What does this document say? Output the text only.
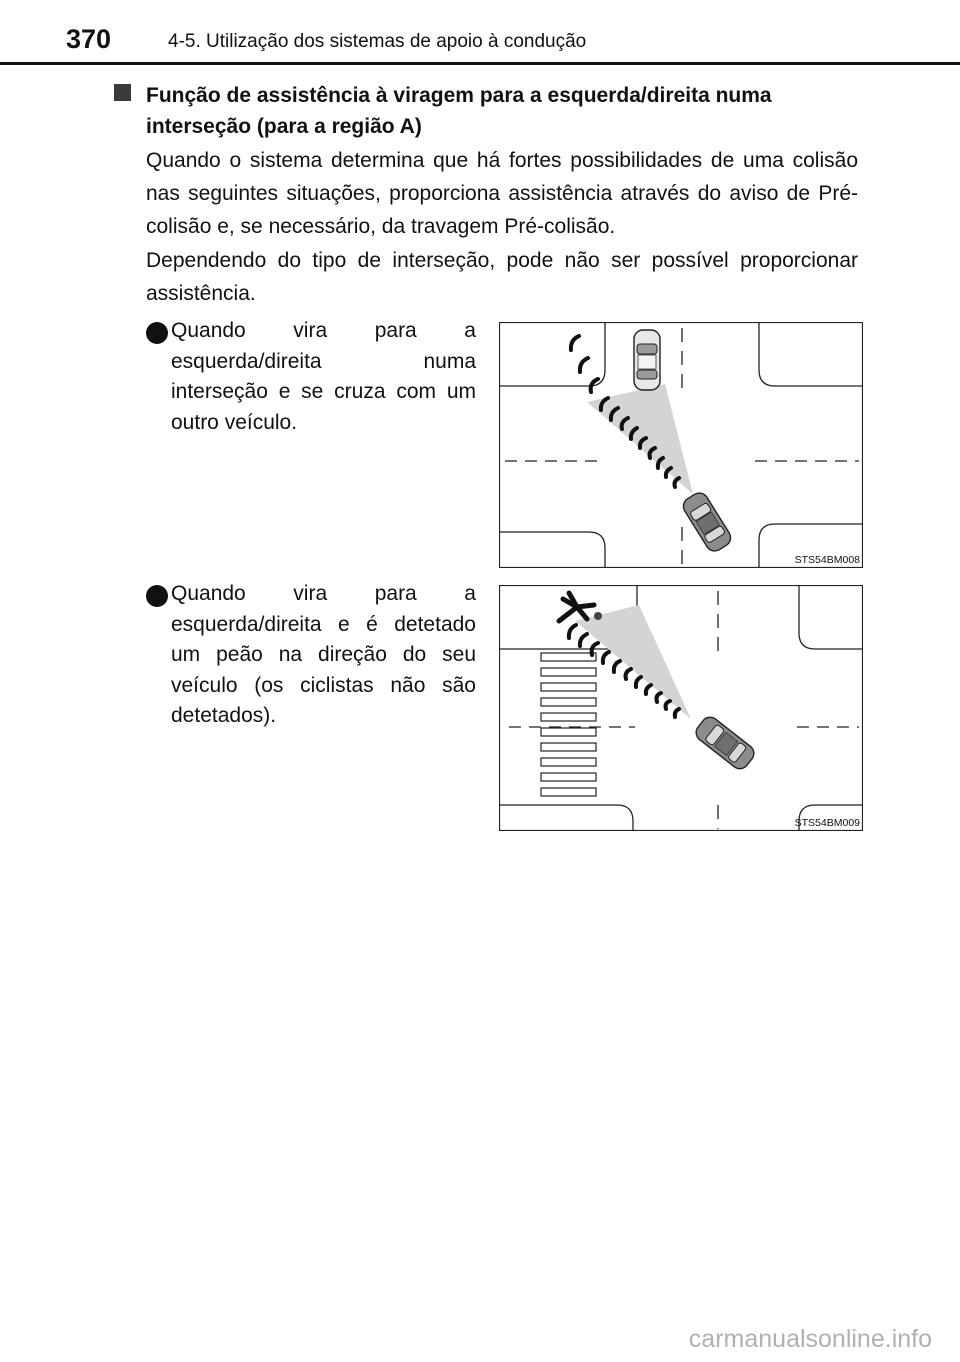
370	4-5. Utilização dos sistemas de apoio à condução
Função de assistência à viragem para a esquerda/direita numa interseção (para a região A)
Quando o sistema determina que há fortes possibilidades de uma colisão nas seguintes situações, proporciona assistência através do aviso de Pré-colisão e, se necessário, da travagem Pré-colisão.
Dependendo do tipo de interseção, pode não ser possível proporcionar assistência.
Quando vira para a esquerda/direita numa interseção e se cruza com um outro veículo.
STS54BM008
Quando vira para a esquerda/direita e é detetado um peão na direção do seu veículo (os ciclistas não são detetados).
STS54BM009
carmanualsonline.info
